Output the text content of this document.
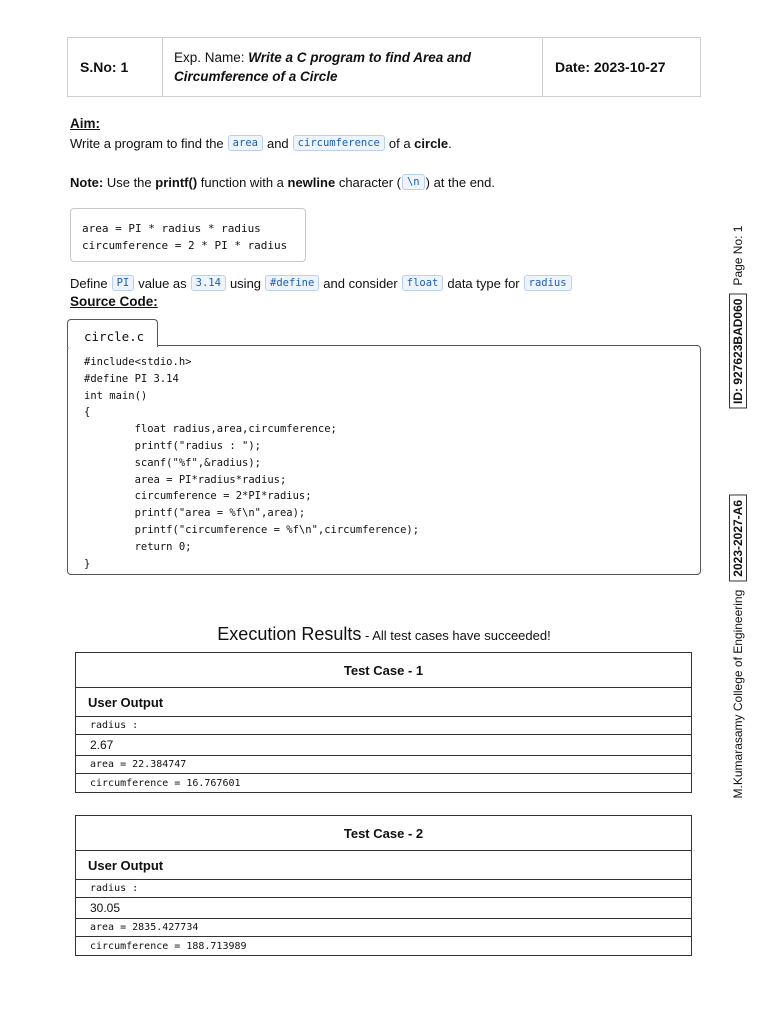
S.No: 1
Exp. Name: Write a C program to find Area and Circumference of a Circle
Date: 2023-10-27
Aim:
Write a program to find the area and circumference of a
circle .
Note:
Use the
printf()
function with a
newline
character ( \n ) at the end.
area = PI * radius * radius
circumference = 2 * PI * radius
Define PI value as 3.14 using #define and consider float data type for radius
Source Code:
circle.c
#include<stdio.h>
#define PI 3.14
int main()
{
float radius,area,circumference;
printf("radius : ");
scanf("%f",&radius);
area = PI*radius*radius;
circumference = 2*PI*radius;
printf("area = %f\n",area);
printf("circumference = %f\n",circumference);
return 0;
}
Execution Results - All test cases have succeeded!
Test Case - 1
User Output
radius :
2.67
area = 22.384747
circumference = 16.767601
Test Case - 2
User Output
radius :
30.05
area = 2835.427734
circumference = 188.713989
M.Kumarasamy College of Engineering
2023-2027-A6
ID: 927623BAD060
Page No: 1
